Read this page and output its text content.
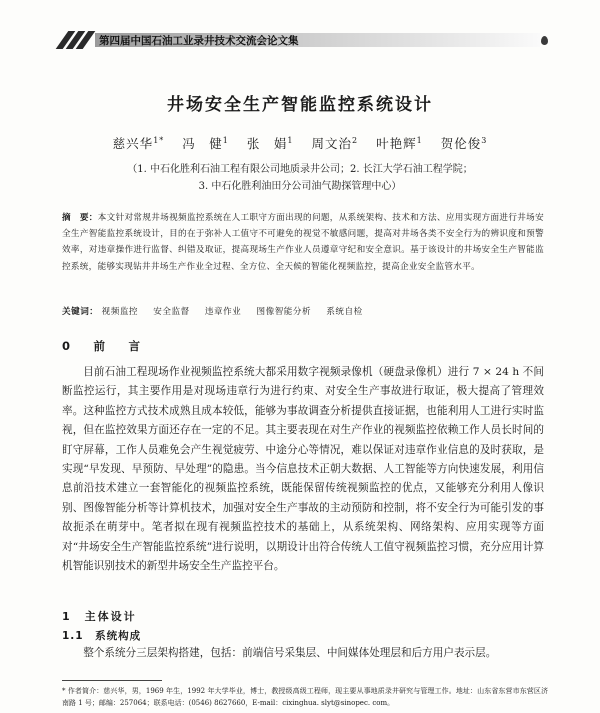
第四届中国石油工业录井技术交流会论文集
井场安全生产智能监控系统设计
慈兴华$^{1*}$ 冯　健$^1$ 张　娟$^1$ 周文治$^2$ 叶艳辉$^1$ 贺伦俊$^3$
（1. 中石化胜利石油工程有限公司地质录井公司；2. 长江大学石油工程学院；
3. 中石化胜利油田分公司油气勘探管理中心）
摘　要：本文针对常规井场视频监控系统在人工职守方面出现的问题，从系统架构、技术和方法、应用实现方面进行井场安全生产智能监控系统设计，目的在于弥补人工值守不可避免的视觉不敏感问题，提高对井场各类不安全行为的辨识度和预警效率，对违章操作进行监督、纠错及取证，提高现场生产作业人员遵章守纪和安全意识。基于该设计的井场安全生产智能监控系统，能够实现钻井井场生产作业全过程、全方位、全天候的智能化视频监控，提高企业安全监管水平。
关键词： 视频监控 安全监督 违章作业 图像智能分析 系统自检
0　前　言

目前石油工程现场作业视频监控系统大都采用数字视频录像机（硬盘录像机）进行 7 × 24 h 不间断监控运行，其主要作用是对现场违章行为进行约束、对安全生产事故进行取证，极大提高了管理效率。这种监控方式技术成熟且成本较低，能够为事故调查分析提供直接证据，也能利用人工进行实时监视，但在监控效果方面还存在一定的不足。其主要表现在对生产作业的视频监控依赖工作人员长时间的盯守屏幕，工作人员难免会产生视觉疲劳、中途分心等情况，难以保证对违章作业信息的及时获取，是实现“早发现、早预防、早处理”的隐患。当今信息技术正朝大数据、人工智能等方向快速发展，利用信息前沿技术建立一套智能化的视频监控系统，既能保留传统视频监控的优点，又能够充分利用人像识别、图像智能分析等计算机技术，加强对安全生产事故的主动预防和控制，将不安全行为可能引发的事故扼杀在萌芽中。笔者拟在现有视频监控技术的基础上，从系统架构、网络架构、应用实现等方面对“井场安全生产智能监控系统”进行说明，以期设计出符合传统人工值守视频监控习惯，充分应用计算机智能识别技术的新型井场安全生产监控平台。

1　主体设计
1.1　系统构成
整个系统分三层架构搭建，包括：前端信号采集层、中间媒体处理层和后方用户表示层。
* 作者简介：慈兴华，男，1969 年生，1992 年大学毕业，博士，教授级高级工程师，现主要从事地质录井研究与管理工作。地址：山东省东营市东营区济南路 1 号；邮编：257064；联系电话：(0546) 8627660，E-mail：cixinghua. slyt@sinopec. com。
